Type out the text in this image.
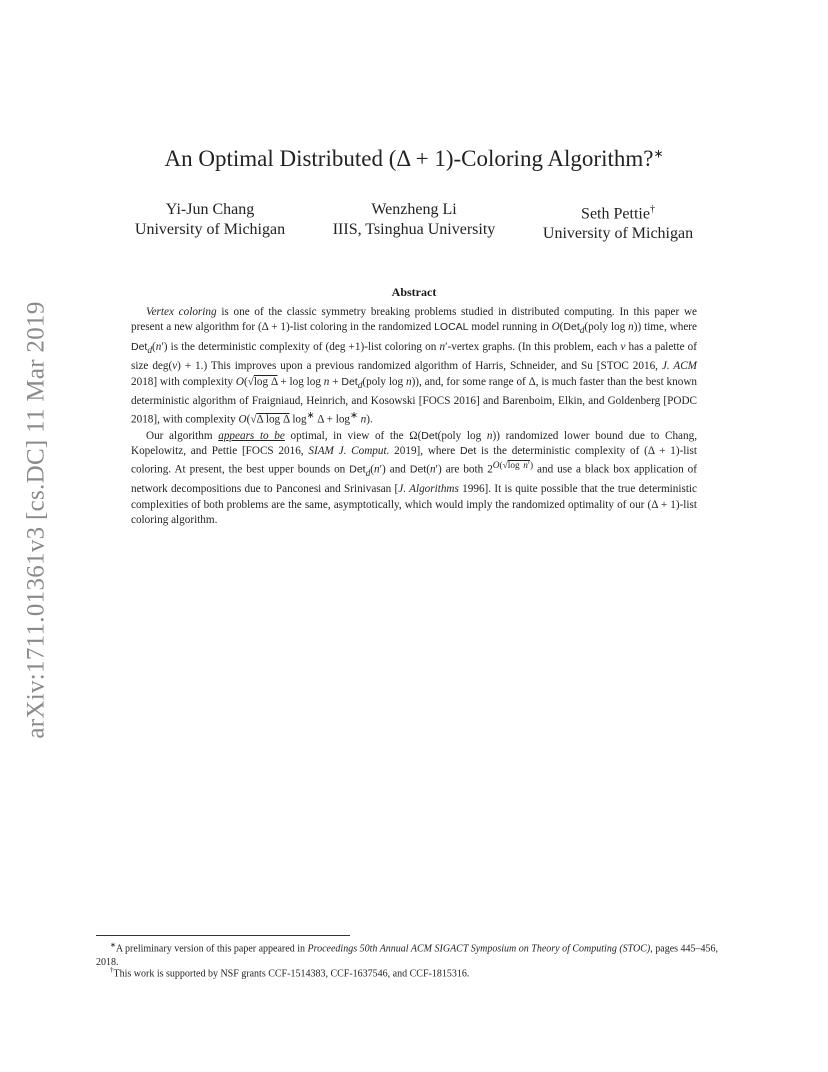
arXiv:1711.01361v3 [cs.DC] 11 Mar 2019
An Optimal Distributed (Δ + 1)-Coloring Algorithm?∗
Yi-Jun Chang
University of Michigan
Wenzheng Li
IIIS, Tsinghua University
Seth Pettie†
University of Michigan
Abstract

Vertex coloring is one of the classic symmetry breaking problems studied in distributed computing. In this paper we present a new algorithm for (Δ + 1)-list coloring in the randomized LOCAL model running in O(Det$_d$(poly log n)) time, where Det$_d$(n′) is the deterministic complexity of (deg +1)-list coloring on n′-vertex graphs. (In this problem, each v has a palette of size deg(v) + 1.) This improves upon a previous randomized algorithm of Harris, Schneider, and Su [STOC 2016, J. ACM 2018] with complexity O(√log Δ + log log n + Det$_d$(poly log n)), and, for some range of Δ, is much faster than the best known deterministic algorithm of Fraigniaud, Heinrich, and Kosowski [FOCS 2016] and Barenboim, Elkin, and Goldenberg [PODC 2018], with complexity O(√Δ log Δ log∗ Δ + log∗ n).

Our algorithm appears to be optimal, in view of the Ω(Det(poly log n)) randomized lower bound due to Chang, Kopelowitz, and Pettie [FOCS 2016, SIAM J. Comput. 2019], where Det is the deterministic complexity of (Δ + 1)-list coloring. At present, the best upper bounds on Det$_d$(n′) and Det(n′) are both $2^{O(√log n')}$ and use a black box application of network decompositions due to Panconesi and Srinivasan [J. Algorithms 1996]. It is quite possible that the true deterministic complexities of both problems are the same, asymptotically, which would imply the randomized optimality of our (Δ + 1)-list coloring algorithm.

∗A preliminary version of this paper appeared in Proceedings 50th Annual ACM SIGACT Symposium on Theory of Computing (STOC), pages 445–456, 2018.
†This work is supported by NSF grants CCF-1514383, CCF-1637546, and CCF-1815316.
